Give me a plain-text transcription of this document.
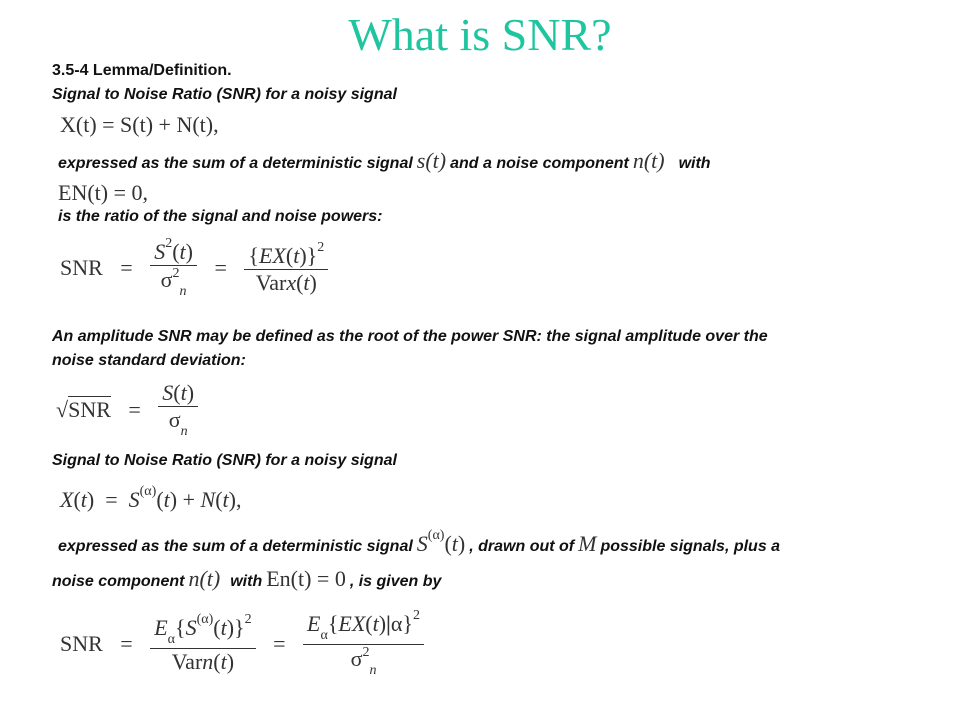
What is SNR?
3.5-4 Lemma/Definition.
Signal to Noise Ratio (SNR) for a noisy signal
X(t) = S(t) + N(t),
expressed as the sum of a deterministic signal s(t) and a noise component n(t) with
EN(t) = 0,
is the ratio of the signal and noise powers:
SNR = $\frac{S^2(t)}{\sigma^2_n} = \frac{\{EX(t)\}^2}{\text{Varx(t)}}$
An amplitude SNR may be defined as the root of the power SNR: the signal amplitude over the
noise standard deviation:
$√SNR = \frac{S(t)}{\sigma_n}$
Signal to Noise Ratio (SNR) for a noisy signal
$X(t) = S^{(\alpha)}(t) + N(t)$,
expressed as the sum of a deterministic signal $S^{(\alpha)}(t)$ , drawn out of M possible signals, plus a
noise component n(t) with En(t) = 0 , is given by
SNR = $\frac{E_\alpha\{S^{(\alpha)}(t)\}^2}{\text{Varn(t)}} = \frac{E_\alpha\{EX(t)|\alpha\}^2}{\sigma^2_n}$
